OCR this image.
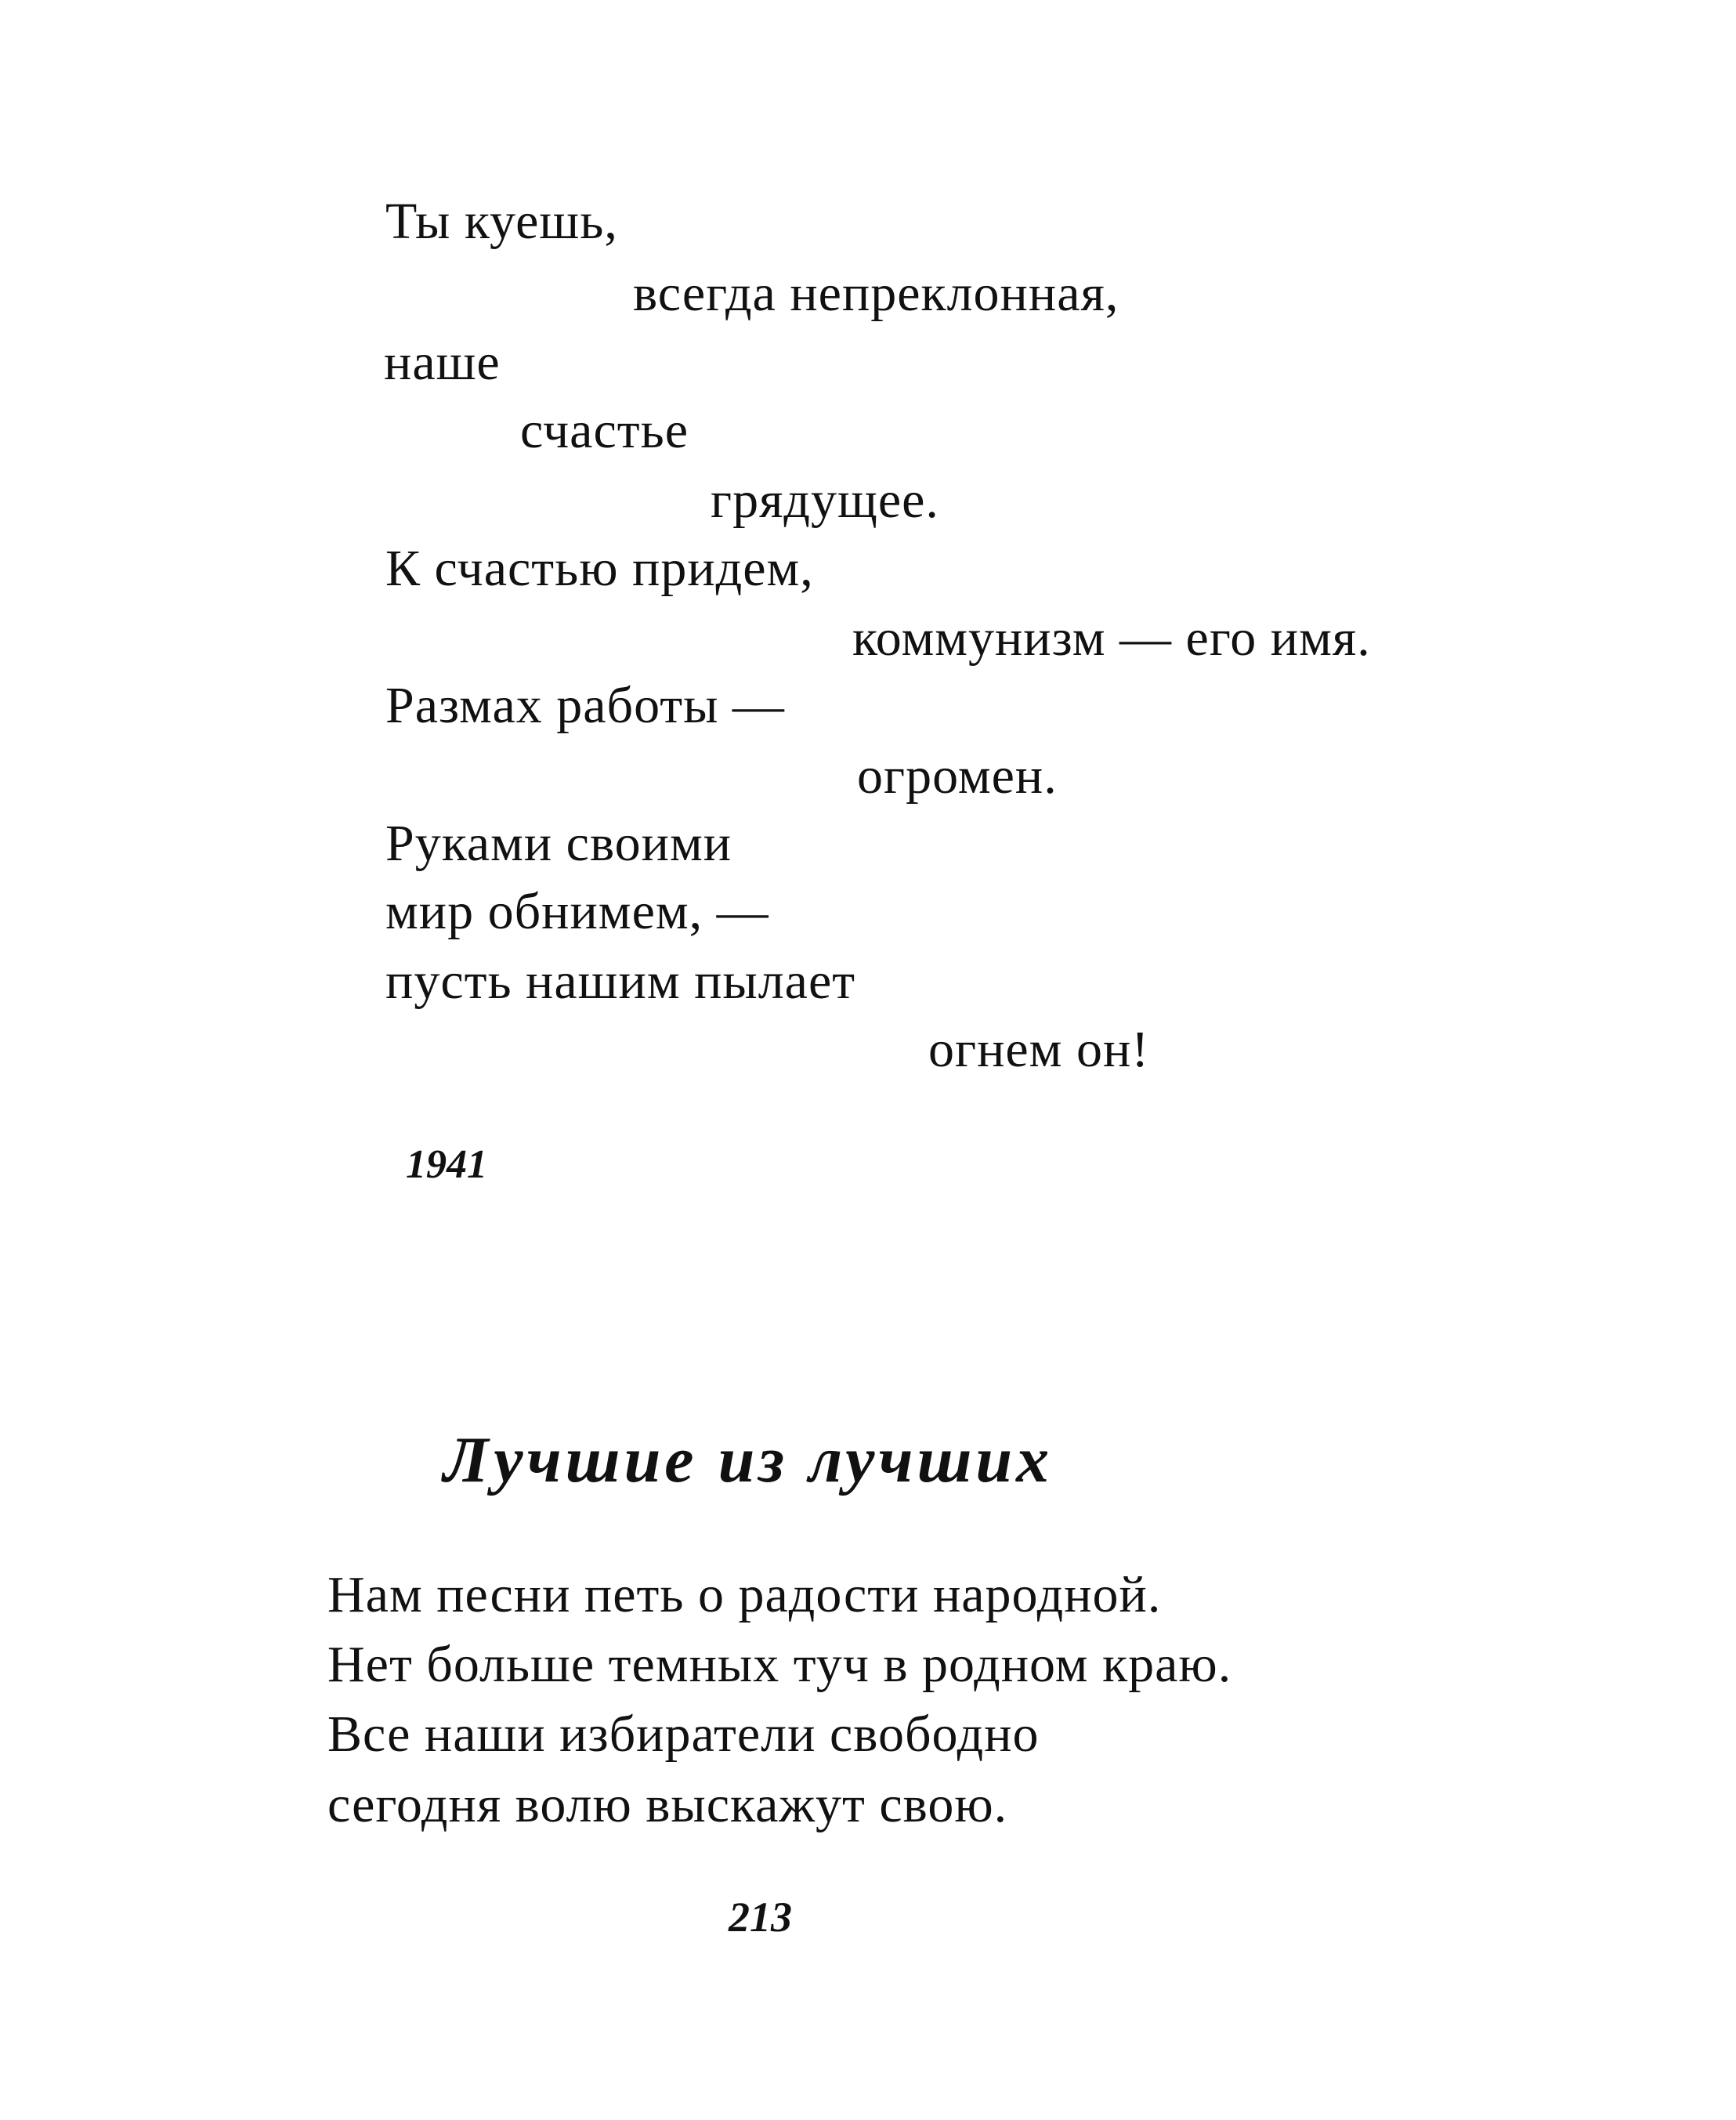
Ты куешь,
всегда непреклонная,
наше
счастье
грядущее.
К счастью придем,
коммунизм — его имя.
Размах работы —
огромен.
Руками своими
мир обнимем, —
пусть нашим пылает
огнем он!
1941
Лучшие из лучших
Нам песни петь о радости народной.
Нет больше темных туч в родном краю.
Все наши избиратели свободно
сегодня волю выскажут свою.
213
